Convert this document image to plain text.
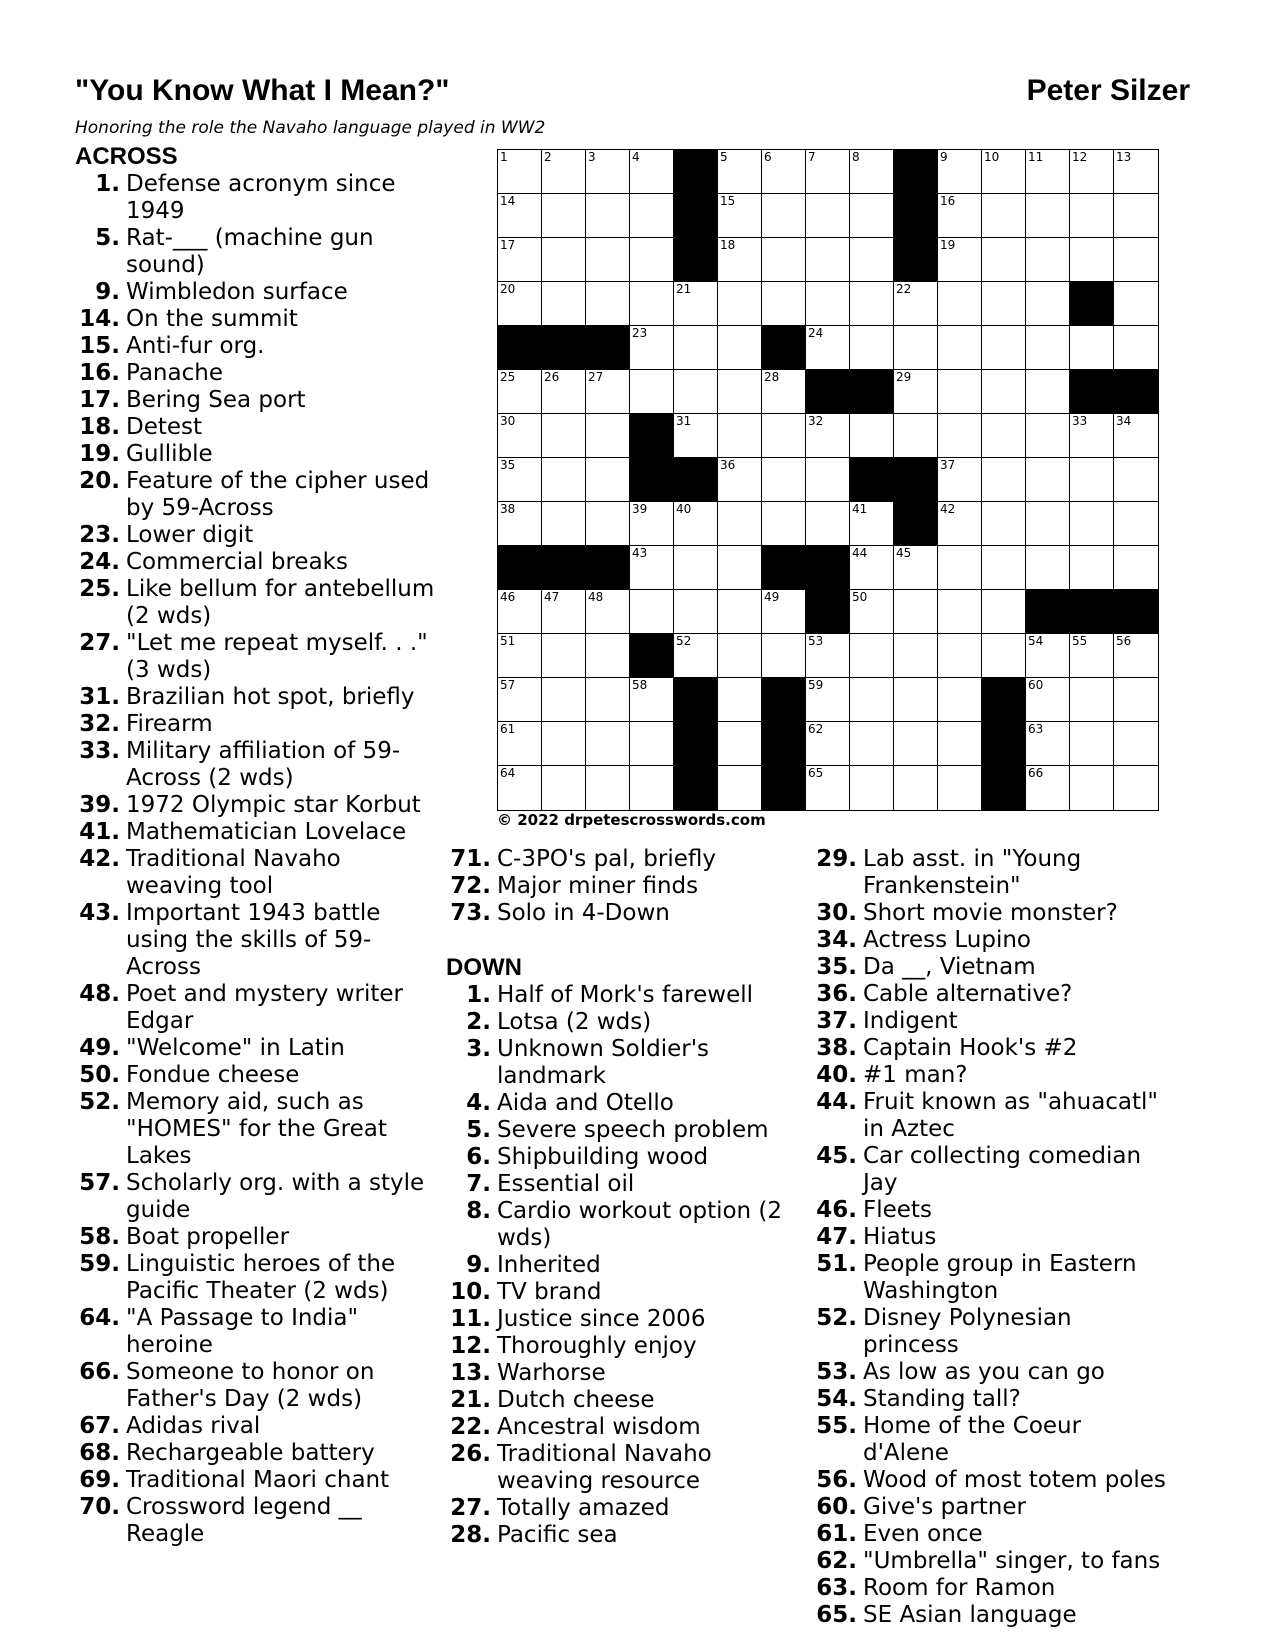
"You Know What I Mean?"	Peter Silzer
Honoring the role the Navaho language played in WW2
1	2	3	4	5	6	7	8	9	10 11 12 13
14	15	16
17	18	19
20	21	22
23	24
25 26 27	28	29
30	31	32	33 34
35	36	37
38	39 40	41	42
43	44 45
46 47 48	49	50
51	52	53	54 55 56
57	58	59	60
61	62	63
64	65	66
© 2022 drpetescrosswords.com
ACROSS
1. Defense acronym since 1949
5. Rat-___ (machine gun sound)
9. Wimbledon surface
14. On the summit
15. Anti-fur org.
16. Panache
17. Bering Sea port
18. Detest
19. Gullible
20. Feature of the cipher used by 59-Across
23. Lower digit
24. Commercial breaks
25. Like bellum for antebellum (2 wds)
27. "Let me repeat myself. . ." (3 wds)
31. Brazilian hot spot, briefly
32. Firearm
33. Military affiliation of 59-Across (2 wds)
39. 1972 Olympic star Korbut
41. Mathematician Lovelace
42. Traditional Navaho weaving tool
43. Important 1943 battle using the skills of 59-Across
48. Poet and mystery writer Edgar
49. "Welcome" in Latin
50. Fondue cheese
52. Memory aid, such as "HOMES" for the Great Lakes
57. Scholarly org. with a style guide
58. Boat propeller
59. Linguistic heroes of the Pacific Theater (2 wds)
64. "A Passage to India" heroine
66. Someone to honor on Father's Day (2 wds)
67. Adidas rival
68. Rechargeable battery
69. Traditional Maori chant
70. Crossword legend __ Reagle
71. C-3PO's pal, briefly
72. Major miner finds
73. Solo in 4-Down
DOWN
1. Half of Mork's farewell
2. Lotsa (2 wds)
3. Unknown Soldier's landmark
4. Aida and Otello
5. Severe speech problem
6. Shipbuilding wood
7. Essential oil
8. Cardio workout option (2 wds)
9. Inherited
10. TV brand
11. Justice since 2006
12. Thoroughly enjoy
13. Warhorse
21. Dutch cheese
22. Ancestral wisdom
26. Traditional Navaho weaving resource
27. Totally amazed
28. Pacific sea
29. Lab asst. in "Young Frankenstein"
30. Short movie monster?
34. Actress Lupino
35. Da __, Vietnam
36. Cable alternative?
37. Indigent
38. Captain Hook's #2
40. #1 man?
44. Fruit known as "ahuacatl" in Aztec
45. Car collecting comedian Jay
46. Fleets
47. Hiatus
51. People group in Eastern Washington
52. Disney Polynesian princess
53. As low as you can go
54. Standing tall?
55. Home of the Coeur d'Alene
56. Wood of most totem poles
60. Give's partner
61. Even once
62. "Umbrella" singer, to fans
63. Room for Ramon
65. SE Asian language
